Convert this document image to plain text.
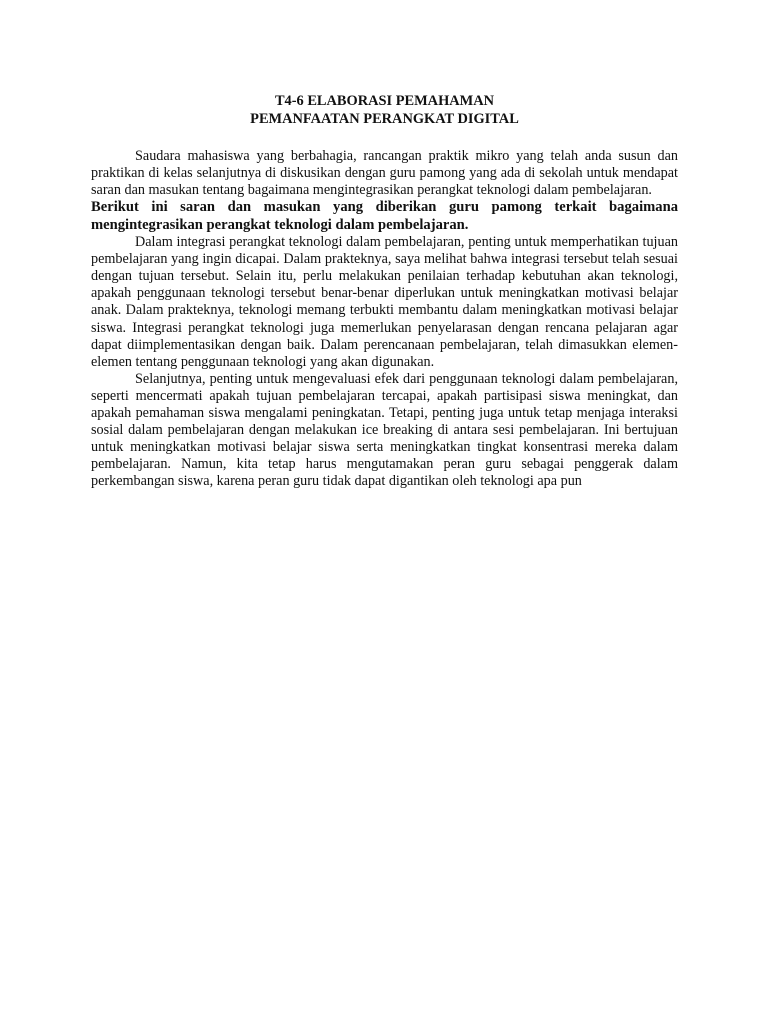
T4-6 ELABORASI PEMAHAMAN

PEMANFAATAN PERANGKAT DIGITAL

Saudara mahasiswa yang berbahagia, rancangan praktik mikro yang telah anda susun dan praktikan di kelas selanjutnya di diskusikan dengan guru pamong yang ada di sekolah untuk mendapat saran dan masukan tentang bagaimana mengintegrasikan perangkat teknologi dalam pembelajaran.

Berikut ini saran dan masukan yang diberikan guru pamong terkait bagaimana mengintegrasikan perangkat teknologi dalam pembelajaran.

Dalam integrasi perangkat teknologi dalam pembelajaran, penting untuk memperhatikan tujuan pembelajaran yang ingin dicapai. Dalam prakteknya, saya melihat bahwa integrasi tersebut telah sesuai dengan tujuan tersebut. Selain itu, perlu melakukan penilaian terhadap kebutuhan akan teknologi, apakah penggunaan teknologi tersebut benar-benar diperlukan untuk meningkatkan motivasi belajar anak. Dalam prakteknya, teknologi memang terbukti membantu dalam meningkatkan motivasi belajar siswa. Integrasi perangkat teknologi juga memerlukan penyelarasan dengan rencana pelajaran agar dapat diimplementasikan dengan baik. Dalam perencanaan pembelajaran, telah dimasukkan elemen-elemen tentang penggunaan teknologi yang akan digunakan.

Selanjutnya, penting untuk mengevaluasi efek dari penggunaan teknologi dalam pembelajaran, seperti mencermati apakah tujuan pembelajaran tercapai, apakah partisipasi siswa meningkat, dan apakah pemahaman siswa mengalami peningkatan. Tetapi, penting juga untuk tetap menjaga interaksi sosial dalam pembelajaran dengan melakukan ice breaking di antara sesi pembelajaran. Ini bertujuan untuk meningkatkan motivasi belajar siswa serta meningkatkan tingkat konsentrasi mereka dalam pembelajaran. Namun, kita tetap harus mengutamakan peran guru sebagai penggerak dalam perkembangan siswa, karena peran guru tidak dapat digantikan oleh teknologi apa pun
